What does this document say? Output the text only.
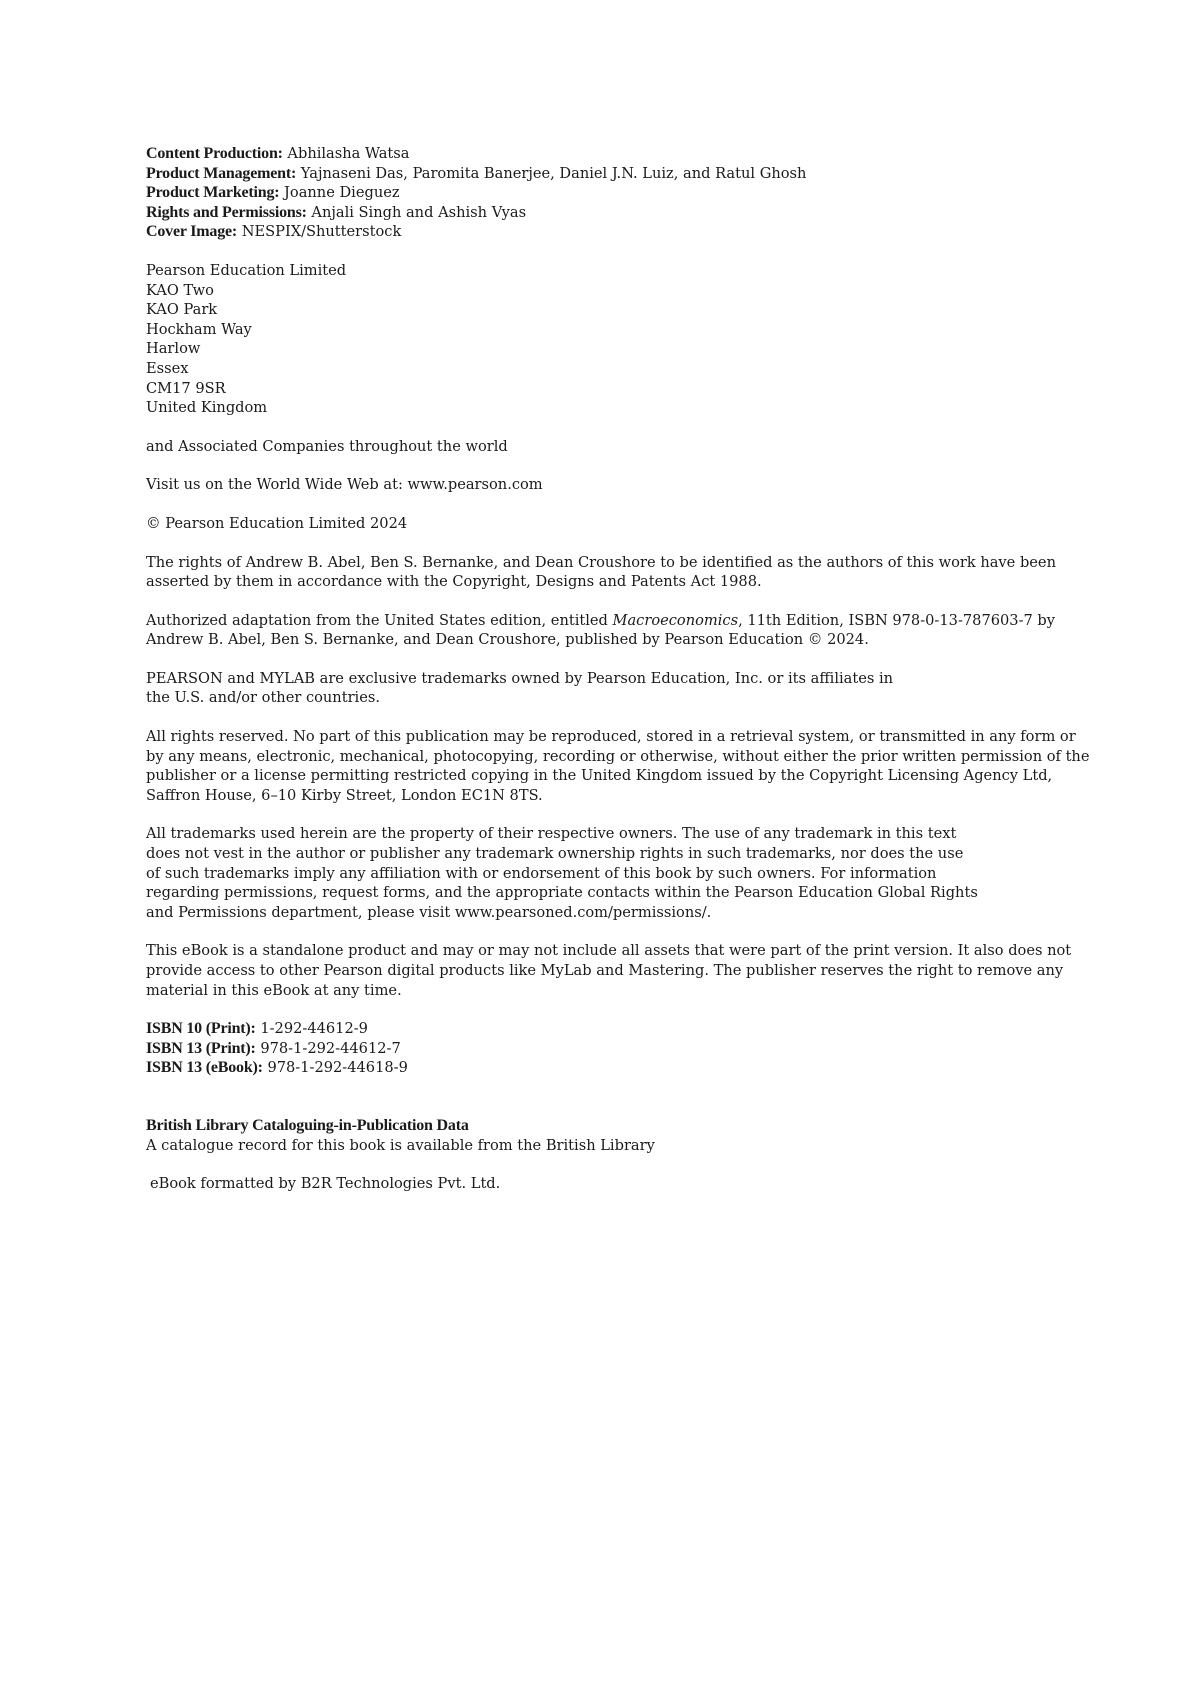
Content Production: Abhilasha Watsa
Product Management: Yajnaseni Das, Paromita Banerjee, Daniel J.N. Luiz, and Ratul Ghosh
Product Marketing: Joanne Dieguez
Rights and Permissions: Anjali Singh and Ashish Vyas
Cover Image: NESPIX/Shutterstock
Pearson Education Limited
KAO Two
KAO Park
Hockham Way
Harlow
Essex
CM17 9SR
United Kingdom
and Associated Companies throughout the world
Visit us on the World Wide Web at: www.pearson.com
© Pearson Education Limited 2024
The rights of Andrew B. Abel, Ben S. Bernanke, and Dean Croushore to be identified as the authors of this work have been
asserted by them in accordance with the Copyright, Designs and Patents Act 1988.
Authorized adaptation from the United States edition, entitled Macroeconomics, 11th Edition, ISBN 978-0-13-787603-7 by
Andrew B. Abel, Ben S. Bernanke, and Dean Croushore, published by Pearson Education © 2024.
PEARSON and MYLAB are exclusive trademarks owned by Pearson Education, Inc. or its affiliates in
the U.S. and/or other countries.
All rights reserved. No part of this publication may be reproduced, stored in a retrieval system, or transmitted in any form or
by any means, electronic, mechanical, photocopying, recording or otherwise, without either the prior written permission of the
publisher or a license permitting restricted copying in the United Kingdom issued by the Copyright Licensing Agency Ltd,
Saffron House, 6–10 Kirby Street, London EC1N 8TS.
All trademarks used herein are the property of their respective owners. The use of any trademark in this text
does not vest in the author or publisher any trademark ownership rights in such trademarks, nor does the use
of such trademarks imply any affiliation with or endorsement of this book by such owners. For information
regarding permissions, request forms, and the appropriate contacts within the Pearson Education Global Rights
and Permissions department, please visit www.pearsoned.com/permissions/.
This eBook is a standalone product and may or may not include all assets that were part of the print version. It also does not
provide access to other Pearson digital products like MyLab and Mastering. The publisher reserves the right to remove any
material in this eBook at any time.
ISBN 10 (Print): 1-292-44612-9
ISBN 13 (Print): 978-1-292-44612-7
ISBN 13 (eBook): 978-1-292-44618-9
British Library Cataloguing-in-Publication Data
A catalogue record for this book is available from the British Library
eBook formatted by B2R Technologies Pvt. Ltd.
